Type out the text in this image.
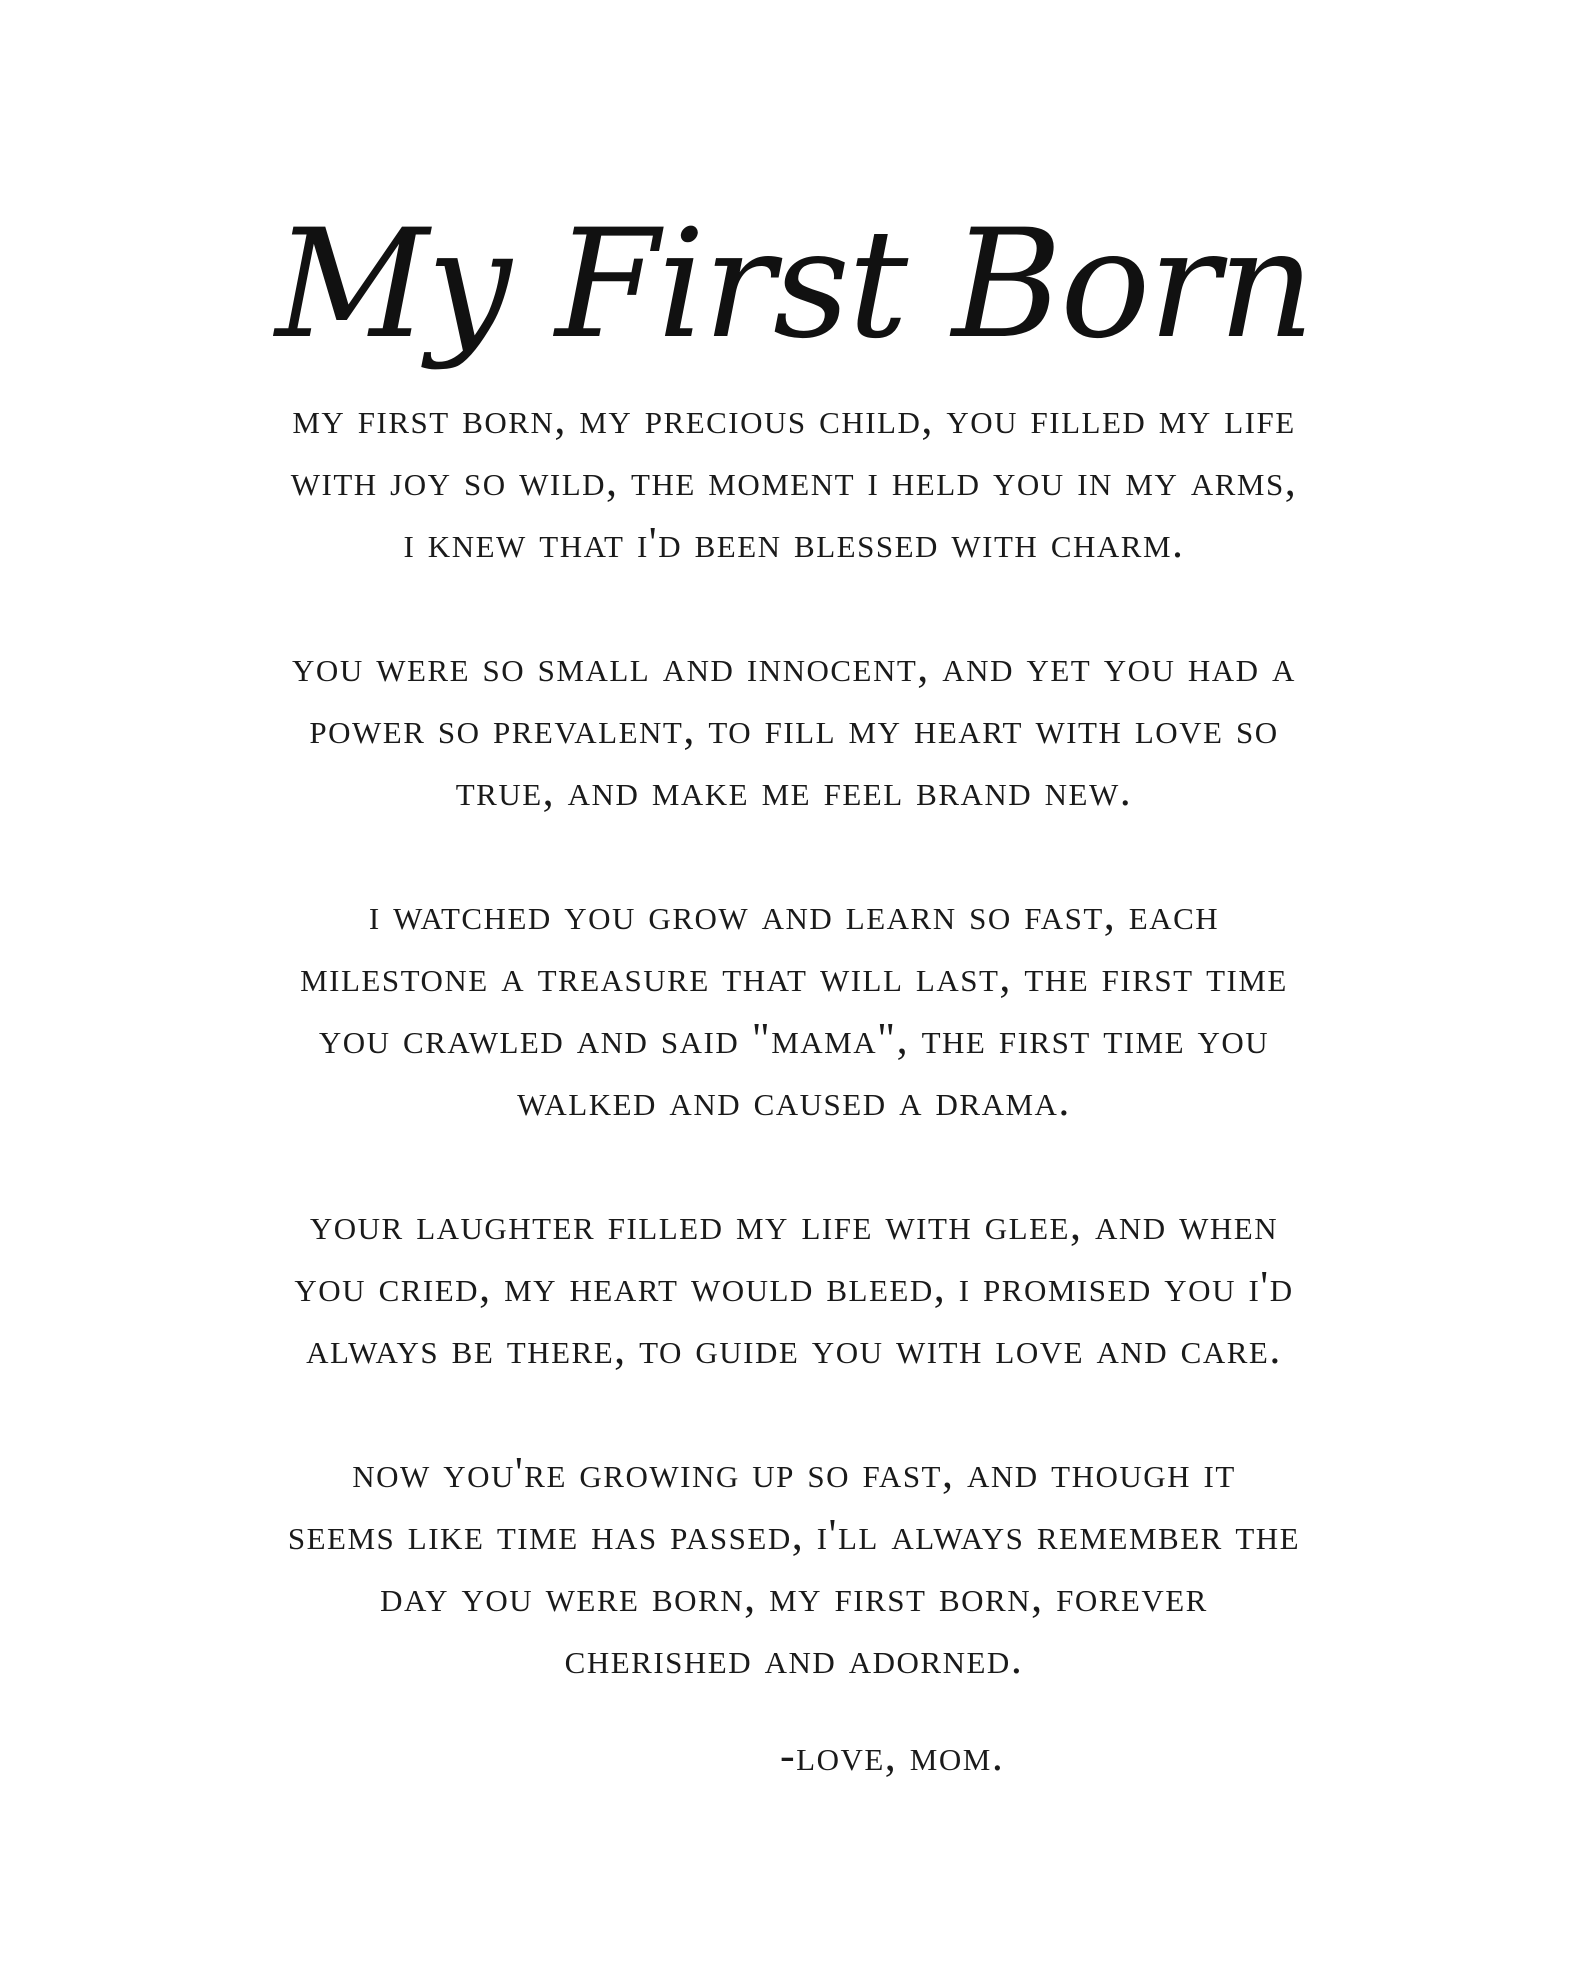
My First Born
my first born, my precious child, you filled my life
with joy so wild, the moment i held you in my arms,
i knew that i'd been blessed with charm.
you were so small and innocent, and yet you had a
power so prevalent, to fill my heart with love so
true, and make me feel brand new.
i watched you grow and learn so fast, each
milestone a treasure that will last, the first time
you crawled and said "mama", the first time you
walked and caused a drama.
your laughter filled my life with glee, and when
you cried, my heart would bleed, i promised you i'd
always be there, to guide you with love and care.
now you're growing up so fast, and though it
seems like time has passed, i'll always remember the
day you were born, my first born, forever
cherished and adorned.
-love, mom.
